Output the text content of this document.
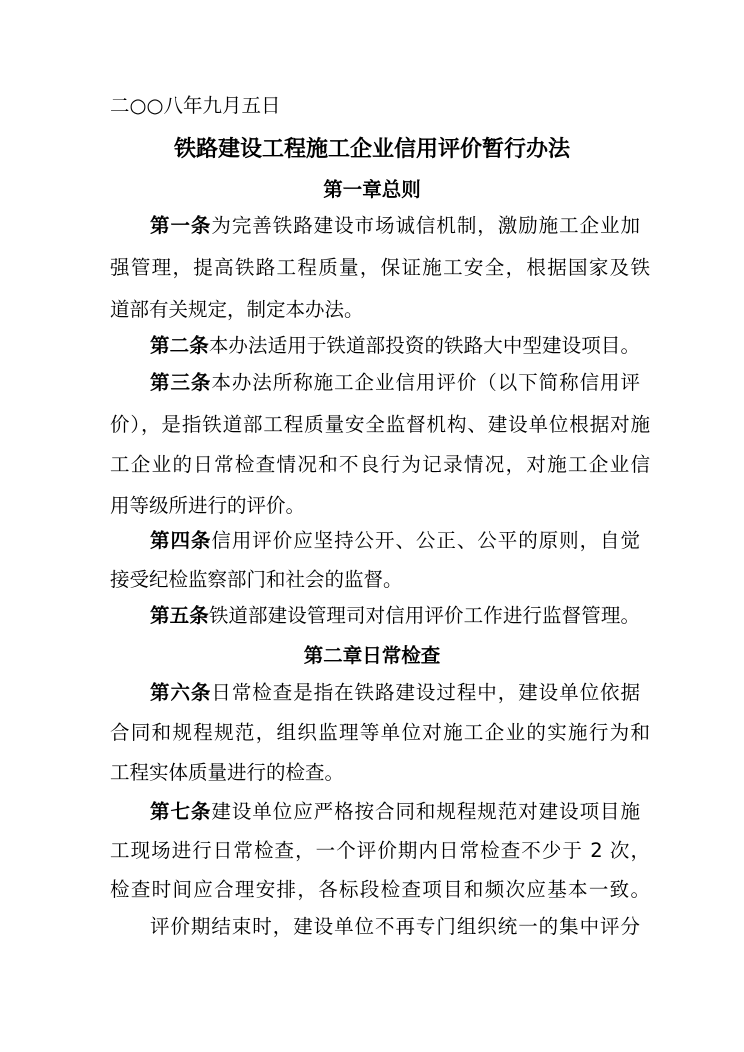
二○○八年九月五日
铁路建设工程施工企业信用评价暂行办法
第一章总则
第一条为完善铁路建设市场诚信机制，激励施工企业加
强管理，提高铁路工程质量，保证施工安全，根据国家及铁
道部有关规定，制定本办法。
第二条本办法适用于铁道部投资的铁路大中型建设项目。
第三条本办法所称施工企业信用评价（以下简称信用评
价），是指铁道部工程质量安全监督机构、建设单位根据对施
工企业的日常检查情况和不良行为记录情况，对施工企业信
用等级所进行的评价。
第四条信用评价应坚持公开、公正、公平的原则，自觉
接受纪检监察部门和社会的监督。
第五条铁道部建设管理司对信用评价工作进行监督管理。
第二章日常检查
第六条日常检查是指在铁路建设过程中，建设单位依据
合同和规程规范，组织监理等单位对施工企业的实施行为和
工程实体质量进行的检查。
第七条建设单位应严格按合同和规程规范对建设项目施
工现场进行日常检查，一个评价期内日常检查不少于 2 次，
检查时间应合理安排，各标段检查项目和频次应基本一致。
评价期结束时，建设单位不再专门组织统一的集中评分
